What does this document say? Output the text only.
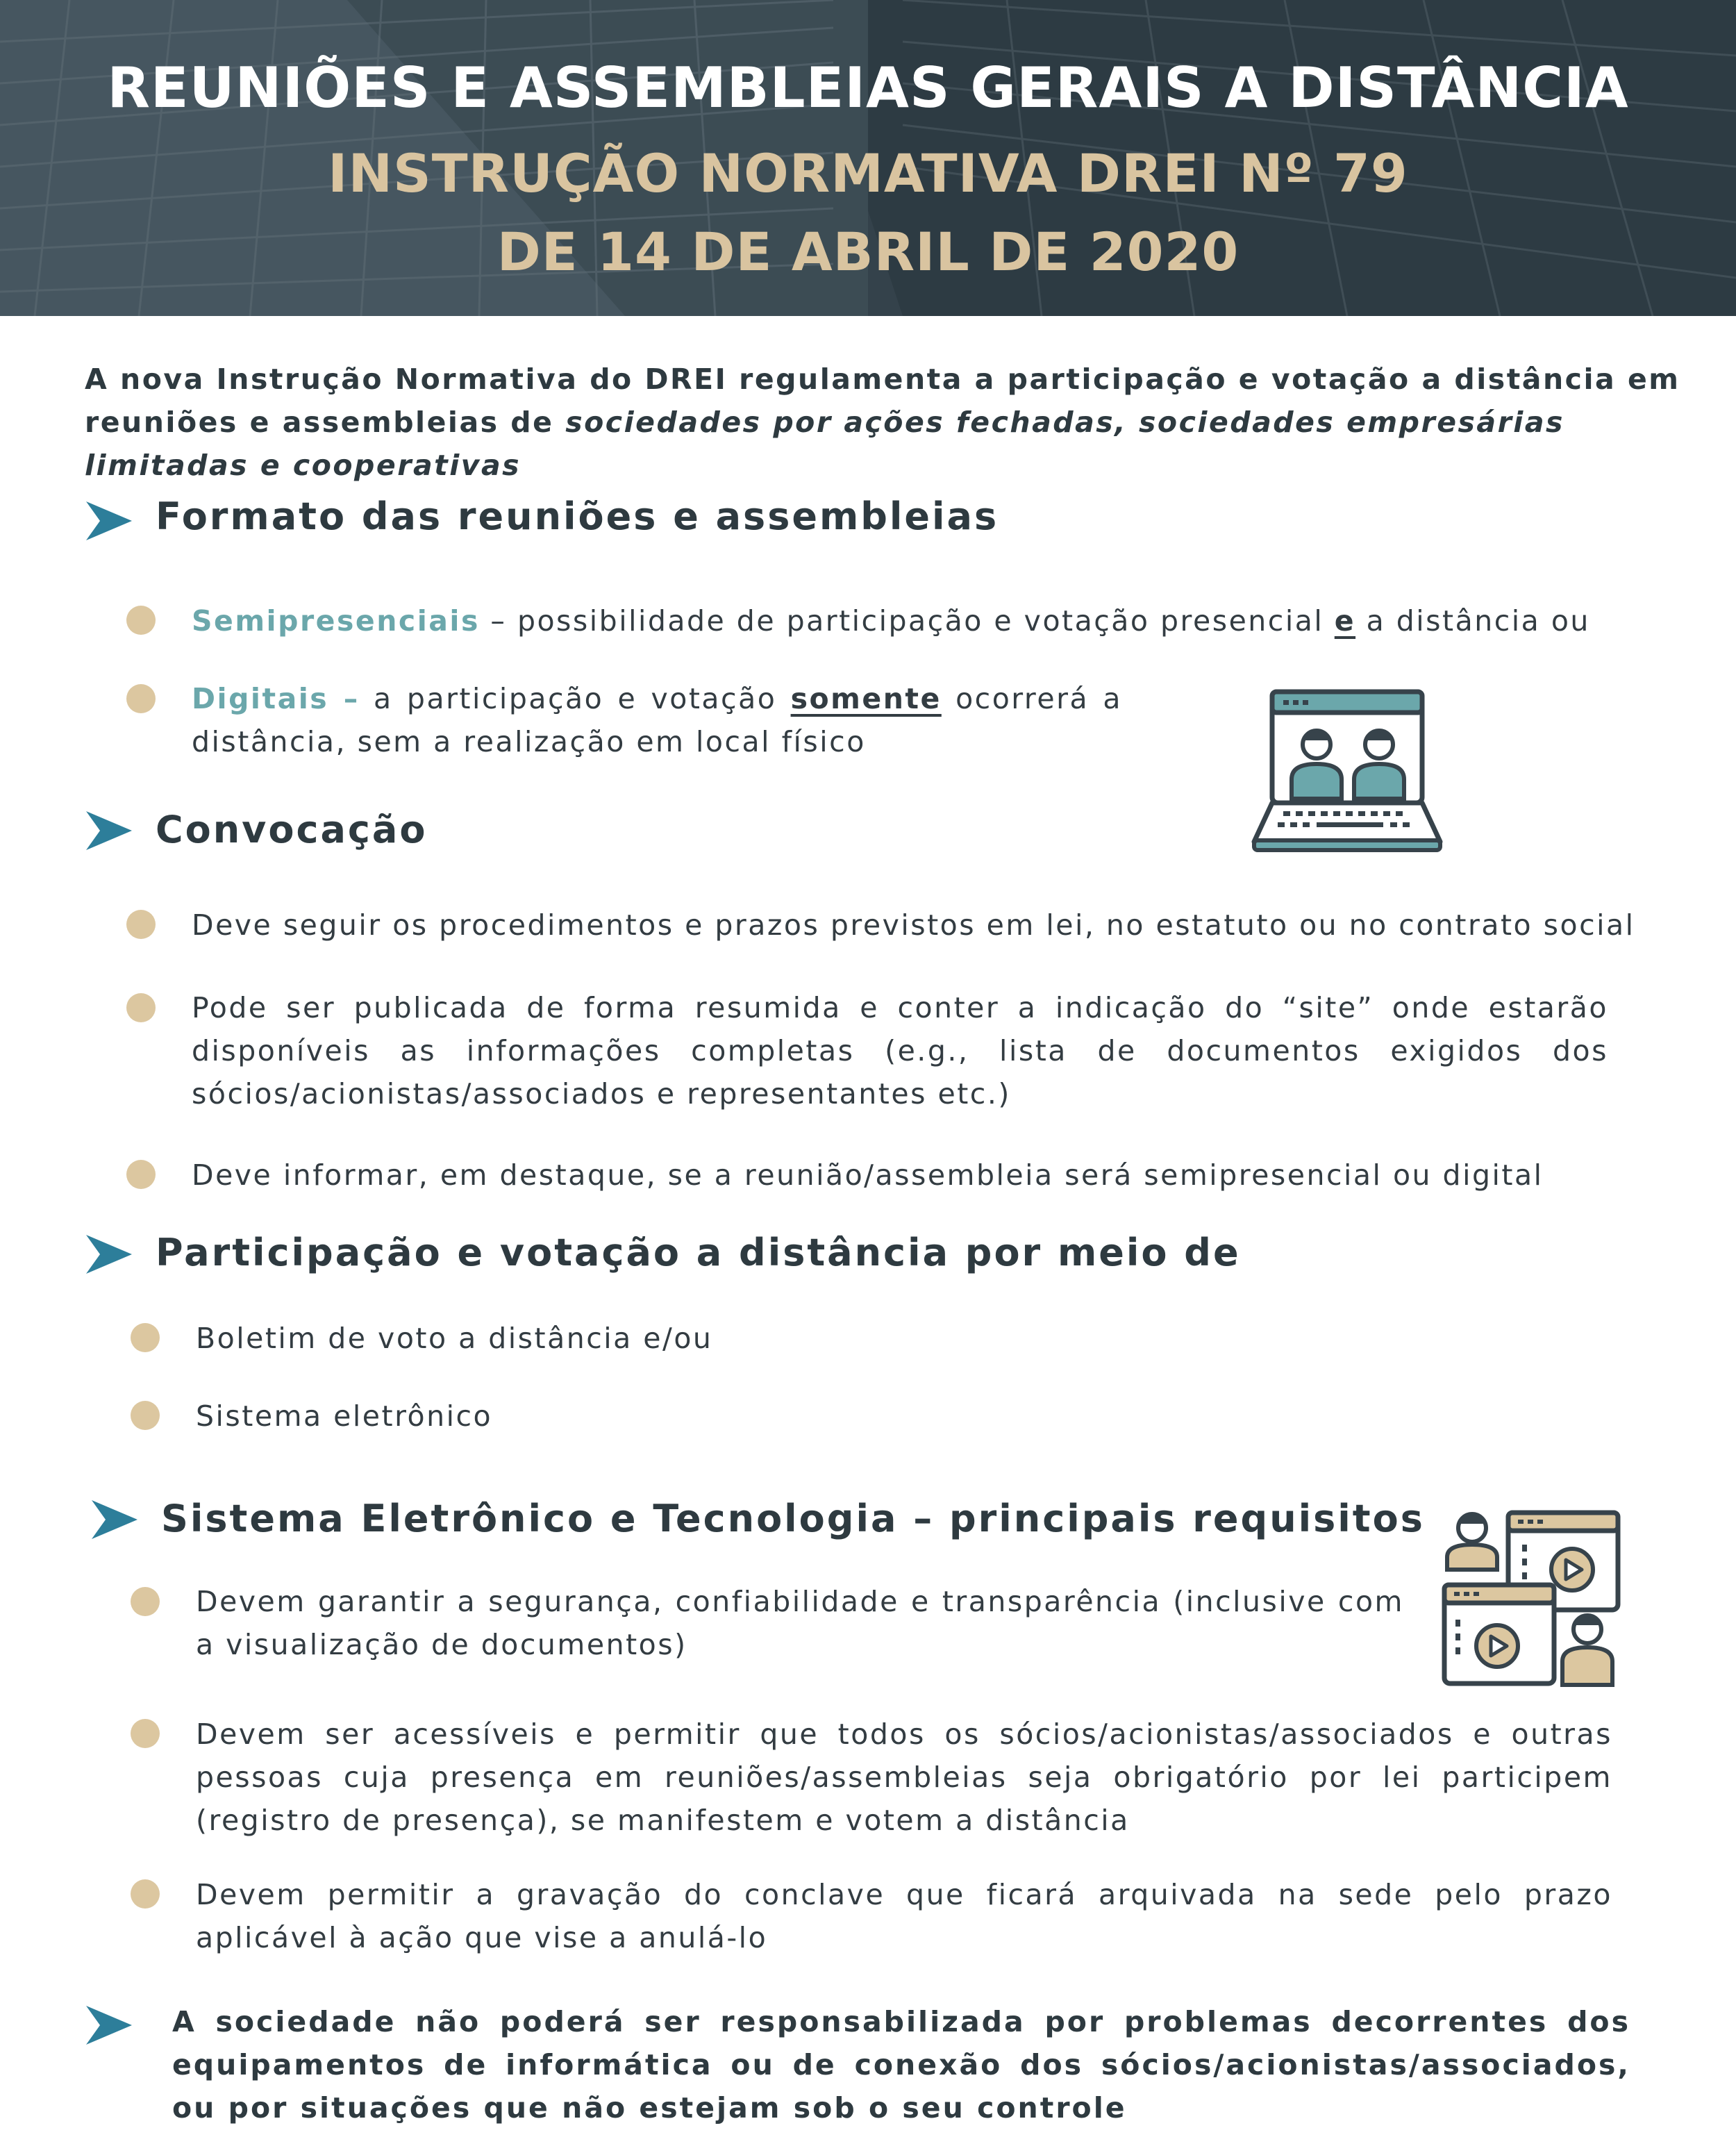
REUNIÕES E ASSEMBLEIAS GERAIS A DISTÂNCIA
INSTRUÇÃO NORMATIVA DREI Nº 79
DE 14 DE ABRIL DE 2020
A nova Instrução Normativa do DREI regulamenta a participação e votação a distância em reuniões e assembleias de sociedades por ações fechadas, sociedades empresárias limitadas e cooperativas
Formato das reuniões e assembleias
Semipresenciais – possibilidade de participação e votação presencial e a distância ou
Digitais – a participação e votação somente ocorrerá a distância, sem a realização em local físico
Convocação
Deve seguir os procedimentos e prazos previstos em lei, no estatuto ou no contrato social
Pode ser publicada de forma resumida e conter a indicação do “site” onde estarão disponíveis as informações completas (e.g., lista de documentos exigidos dos sócios/acionistas/associados e representantes etc.)
Deve informar, em destaque, se a reunião/assembleia será semipresencial ou digital
Participação e votação a distância por meio de
Boletim de voto a distância e/ou
Sistema eletrônico
Sistema Eletrônico e Tecnologia – principais requisitos
Devem garantir a segurança, confiabilidade e transparência (inclusive com a visualização de documentos)
Devem ser acessíveis e permitir que todos os sócios/acionistas/associados e outras pessoas cuja presença em reuniões/assembleias seja obrigatório por lei participem (registro de presença), se manifestem e votem a distância
Devem permitir a gravação do conclave que ficará arquivada na sede pelo prazo aplicável à ação que vise a anulá-lo
A sociedade não poderá ser responsabilizada por problemas decorrentes dos equipamentos de informática ou de conexão dos sócios/acionistas/associados, ou por situações que não estejam sob o seu controle
